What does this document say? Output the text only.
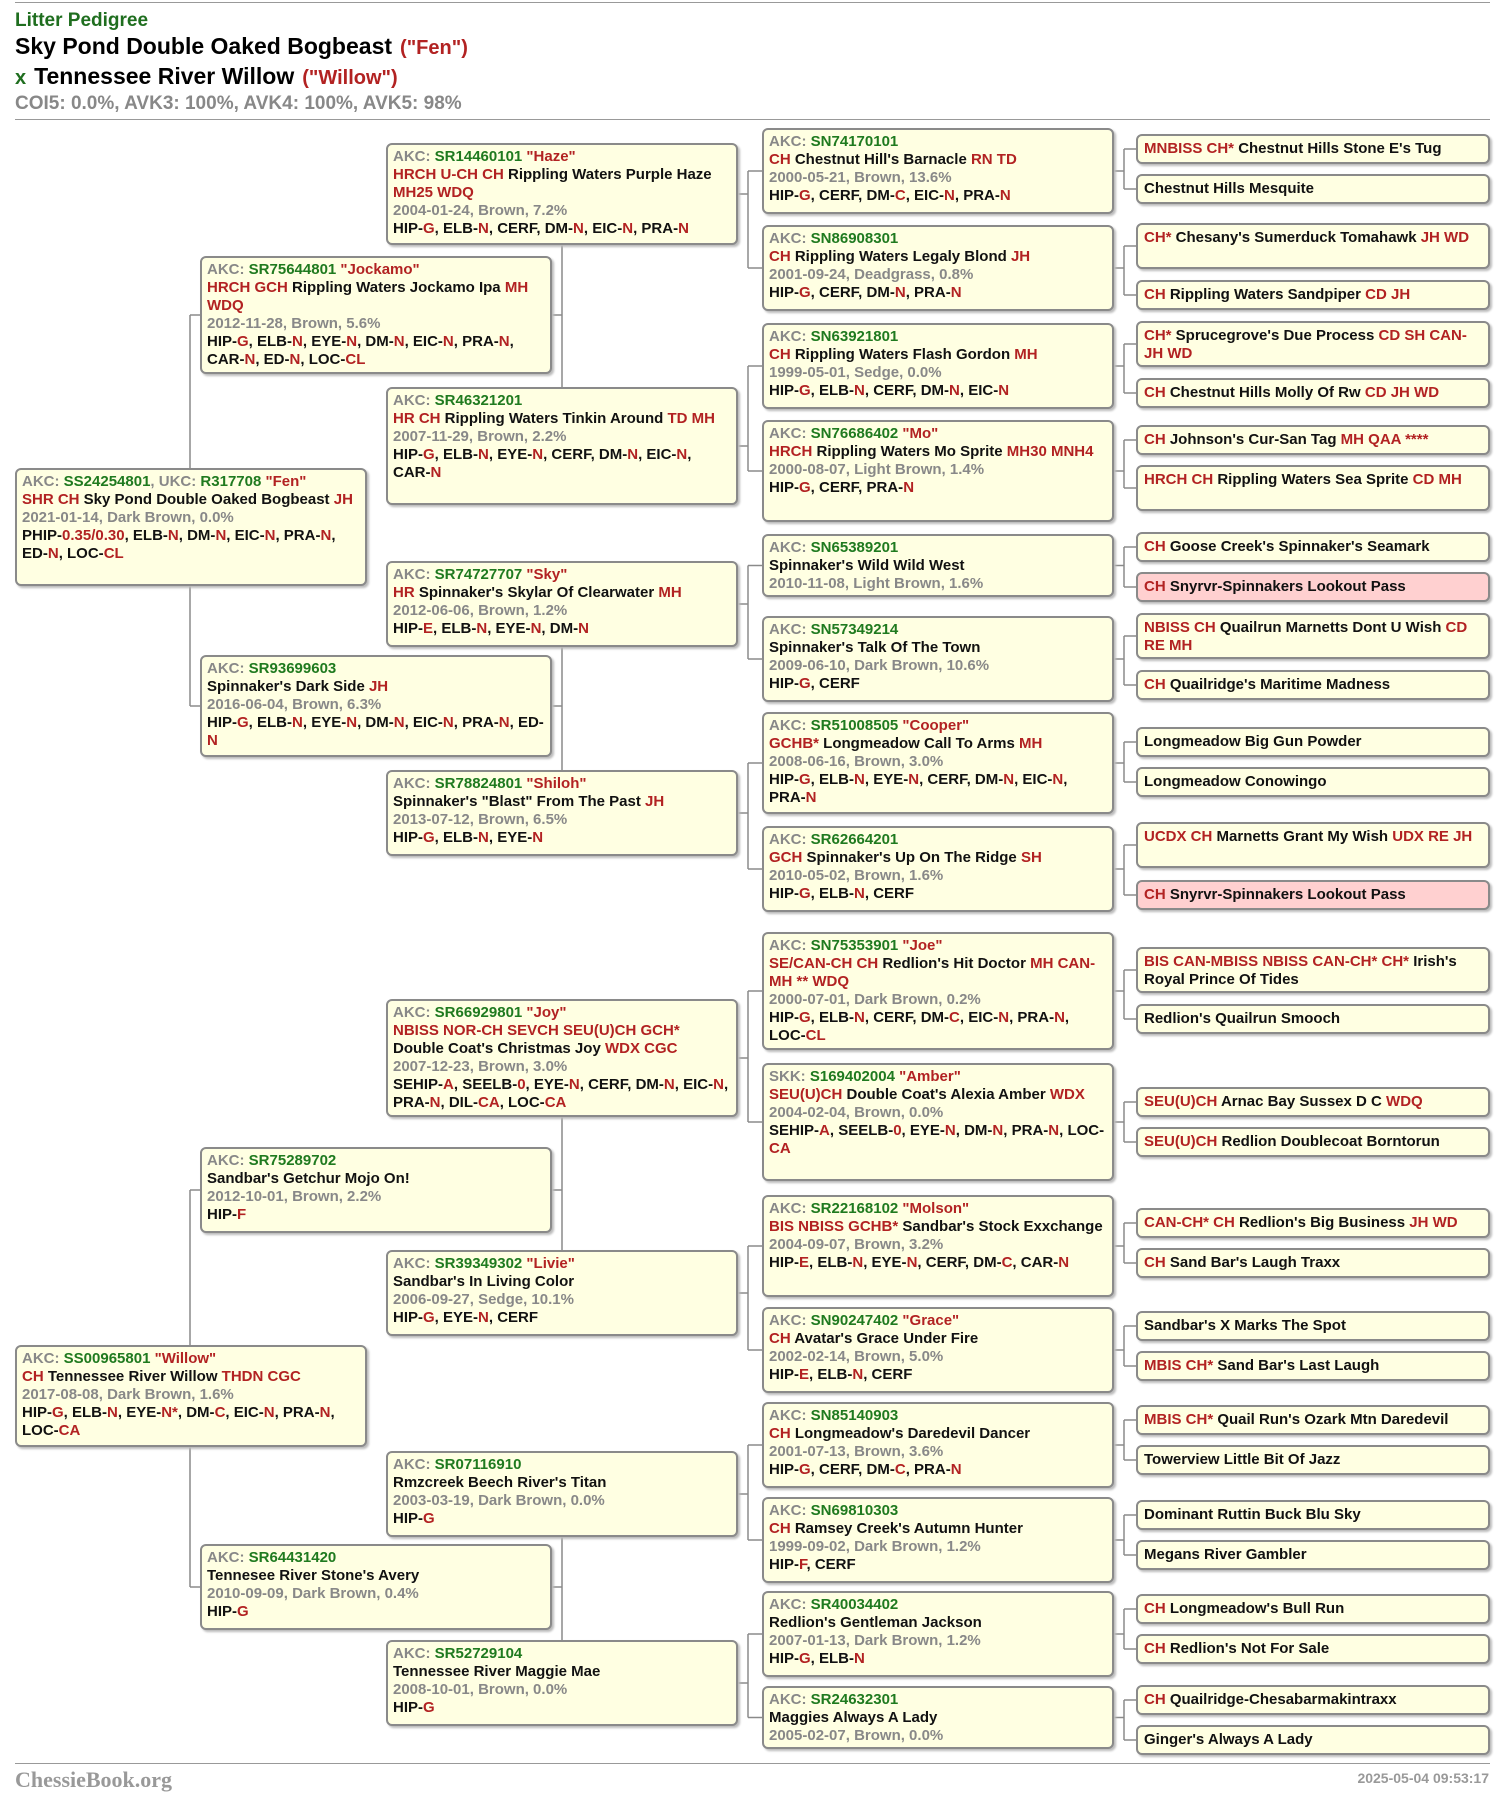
Litter Pedigree
Sky Pond Double Oaked Bogbeast ("Fen")
x Tennessee River Willow ("Willow")
COI5: 0.0%, AVK3: 100%, AVK4: 100%, AVK5: 98%
AKC: SS24254801, UKC: R317708 "Fen"
SHR CH Sky Pond Double Oaked Bogbeast JH
2021-01-14, Dark Brown, 0.0%
PHIP-0.35/0.30, ELB-N, DM-N, EIC-N, PRA-N, ED-N, LOC-CL
AKC: SS00965801 "Willow"
CH Tennessee River Willow THDN CGC
2017-08-08, Dark Brown, 1.6%
HIP-G, ELB-N, EYE-N*, DM-C, EIC-N, PRA-N, LOC-CA
AKC: SR75644801 "Jockamo"
HRCH GCH Rippling Waters Jockamo Ipa MH WDQ
2012-11-28, Brown, 5.6%
HIP-G, ELB-N, EYE-N, DM-N, EIC-N, PRA-N, CAR-N, ED-N, LOC-CL
AKC: SR93699603
Spinnaker's Dark Side JH
2016-06-04, Brown, 6.3%
HIP-G, ELB-N, EYE-N, DM-N, EIC-N, PRA-N, ED-N
AKC: SR75289702
Sandbar's Getchur Mojo On!
2012-10-01, Brown, 2.2%
HIP-F
AKC: SR64431420
Tennesee River Stone's Avery
2010-09-09, Dark Brown, 0.4%
HIP-G
AKC: SR14460101 "Haze"
HRCH U-CH CH Rippling Waters Purple Haze MH25 WDQ
2004-01-24, Brown, 7.2%
HIP-G, ELB-N, CERF, DM-N, EIC-N, PRA-N
AKC: SR46321201
HR CH Rippling Waters Tinkin Around TD MH
2007-11-29, Brown, 2.2%
HIP-G, ELB-N, EYE-N, CERF, DM-N, EIC-N, CAR-N
AKC: SR74727707 "Sky"
HR Spinnaker's Skylar Of Clearwater MH
2012-06-06, Brown, 1.2%
HIP-E, ELB-N, EYE-N, DM-N
AKC: SR78824801 "Shiloh"
Spinnaker's "Blast" From The Past JH
2013-07-12, Brown, 6.5%
HIP-G, ELB-N, EYE-N
AKC: SR66929801 "Joy"
NBISS NOR-CH SEVCH SEU(U)CH GCH* Double Coat's Christmas Joy WDX CGC
2007-12-23, Brown, 3.0%
SEHIP-A, SEELB-0, EYE-N, CERF, DM-N, EIC-N, PRA-N, DIL-CA, LOC-CA
AKC: SR39349302 "Livie"
Sandbar's In Living Color
2006-09-27, Sedge, 10.1%
HIP-G, EYE-N, CERF
AKC: SR07116910
Rmzcreek Beech River's Titan
2003-03-19, Dark Brown, 0.0%
HIP-G
AKC: SR52729104
Tennessee River Maggie Mae
2008-10-01, Brown, 0.0%
HIP-G
AKC: SN74170101
CH Chestnut Hill's Barnacle RN TD
2000-05-21, Brown, 13.6%
HIP-G, CERF, DM-C, EIC-N, PRA-N
AKC: SN86908301
CH Rippling Waters Legaly Blond JH
2001-09-24, Deadgrass, 0.8%
HIP-G, CERF, DM-N, PRA-N
AKC: SN63921801
CH Rippling Waters Flash Gordon MH
1999-05-01, Sedge, 0.0%
HIP-G, ELB-N, CERF, DM-N, EIC-N
AKC: SN76686402 "Mo"
HRCH Rippling Waters Mo Sprite MH30 MNH4
2000-08-07, Light Brown, 1.4%
HIP-G, CERF, PRA-N
AKC: SN65389201
Spinnaker's Wild Wild West
2010-11-08, Light Brown, 1.6%
AKC: SN57349214
Spinnaker's Talk Of The Town
2009-06-10, Dark Brown, 10.6%
HIP-G, CERF
AKC: SR51008505 "Cooper"
GCHB* Longmeadow Call To Arms MH
2008-06-16, Brown, 3.0%
HIP-G, ELB-N, EYE-N, CERF, DM-N, EIC-N, PRA-N
AKC: SR62664201
GCH Spinnaker's Up On The Ridge SH
2010-05-02, Brown, 1.6%
HIP-G, ELB-N, CERF
AKC: SN75353901 "Joe"
SE/CAN-CH CH Redlion's Hit Doctor MH CAN-MH ** WDQ
2000-07-01, Dark Brown, 0.2%
HIP-G, ELB-N, CERF, DM-C, EIC-N, PRA-N, LOC-CL
SKK: S169402004 "Amber"
SEU(U)CH Double Coat's Alexia Amber WDX
2004-02-04, Brown, 0.0%
SEHIP-A, SEELB-0, EYE-N, DM-N, PRA-N, LOC-CA
AKC: SR22168102 "Molson"
BIS NBISS GCHB* Sandbar's Stock Exxchange
2004-09-07, Brown, 3.2%
HIP-E, ELB-N, EYE-N, CERF, DM-C, CAR-N
AKC: SN90247402 "Grace"
CH Avatar's Grace Under Fire
2002-02-14, Brown, 5.0%
HIP-E, ELB-N, CERF
AKC: SN85140903
CH Longmeadow's Daredevil Dancer
2001-07-13, Brown, 3.6%
HIP-G, CERF, DM-C, PRA-N
AKC: SN69810303
CH Ramsey Creek's Autumn Hunter
1999-09-02, Dark Brown, 1.2%
HIP-F, CERF
AKC: SR40034402
Redlion's Gentleman Jackson
2007-01-13, Dark Brown, 1.2%
HIP-G, ELB-N
AKC: SR24632301
Maggies Always A Lady
2005-02-07, Brown, 0.0%
MNBISS CH* Chestnut Hills Stone E's Tug
Chestnut Hills Mesquite
CH* Chesany's Sumerduck Tomahawk JH WD
CH Rippling Waters Sandpiper CD JH
CH* Sprucegrove's Due Process CD SH CAN-JH WD
CH Chestnut Hills Molly Of Rw CD JH WD
CH Johnson's Cur-San Tag MH QAA ****
HRCH CH Rippling Waters Sea Sprite CD MH
CH Goose Creek's Spinnaker's Seamark
CH Snyrvr-Spinnakers Lookout Pass
NBISS CH Quailrun Marnetts Dont U Wish CD RE MH
CH Quailridge's Maritime Madness
Longmeadow Big Gun Powder
Longmeadow Conowingo
UCDX CH Marnetts Grant My Wish UDX RE JH
CH Snyrvr-Spinnakers Lookout Pass
BIS CAN-MBISS NBISS CAN-CH* CH* Irish's Royal Prince Of Tides
Redlion's Quailrun Smooch
SEU(U)CH Arnac Bay Sussex D C WDQ
SEU(U)CH Redlion Doublecoat Borntorun
CAN-CH* CH Redlion's Big Business JH WD
CH Sand Bar's Laugh Traxx
Sandbar's X Marks The Spot
MBIS CH* Sand Bar's Last Laugh
MBIS CH* Quail Run's Ozark Mtn Daredevil
Towerview Little Bit Of Jazz
Dominant Ruttin Buck Blu Sky
Megans River Gambler
CH Longmeadow's Bull Run
CH Redlion's Not For Sale
CH Quailridge-Chesabarmakintraxx
Ginger's Always A Lady
ChessieBook.org	2025-05-04 09:53:17
